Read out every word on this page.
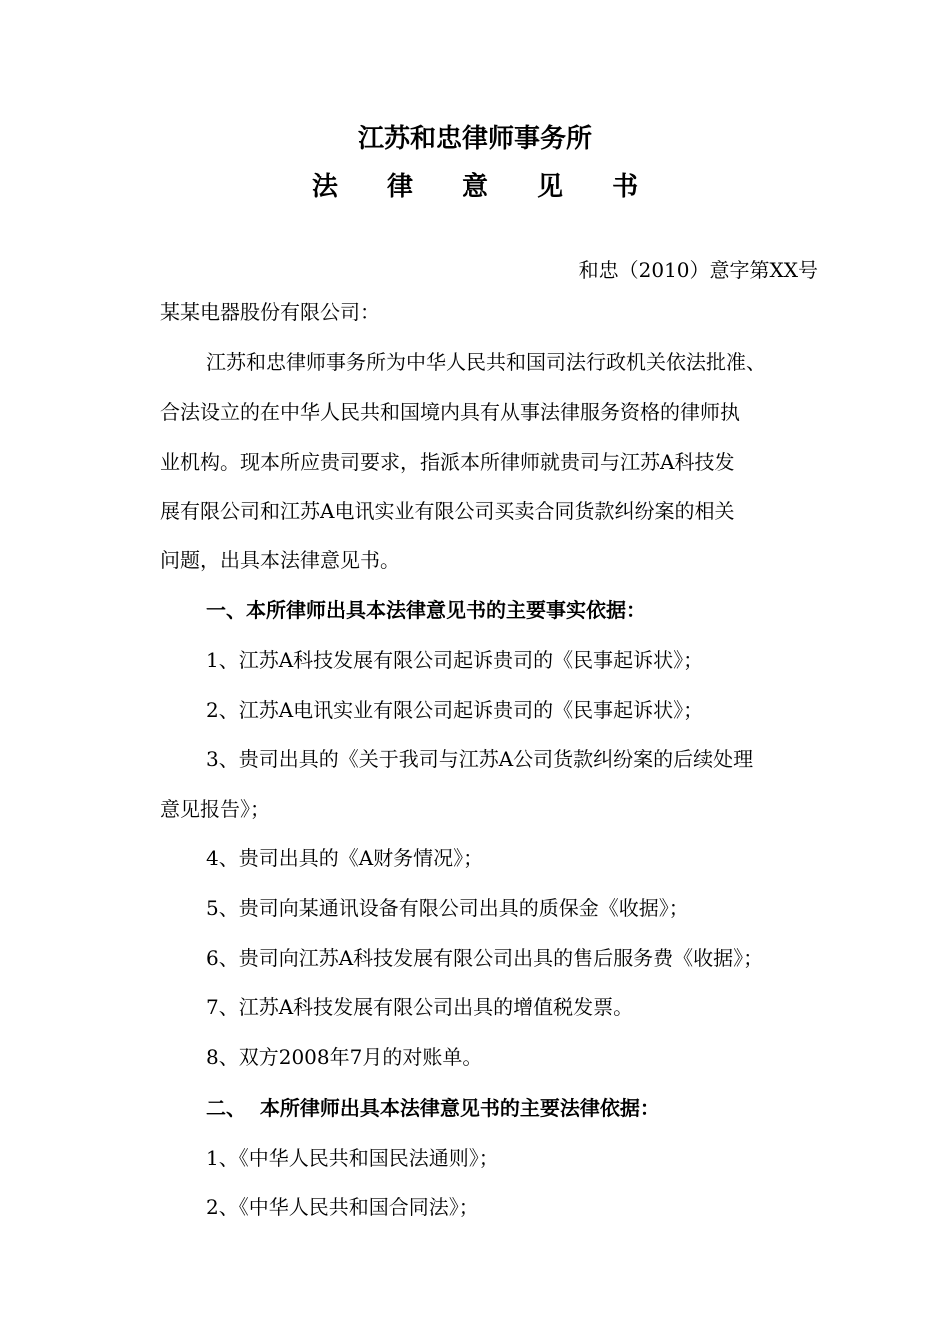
江苏和忠律师事务所
法 律 意 见 书
和忠（2010）意字第XX号
某某电器股份有限公司：
江苏和忠律师事务所为中华人民共和国司法行政机关依法批准、
合法设立的在中华人民共和国境内具有从事法律服务资格的律师执
业机构。现本所应贵司要求，指派本所律师就贵司与江苏A科技发
展有限公司和江苏A电讯实业有限公司买卖合同货款纠纷案的相关
问题，出具本法律意见书。
一、本所律师出具本法律意见书的主要事实依据：
1、江苏A科技发展有限公司起诉贵司的《民事起诉状》；
2、江苏A电讯实业有限公司起诉贵司的《民事起诉状》；
3、贵司出具的《关于我司与江苏A公司货款纠纷案的后续处理
意见报告》；
4、贵司出具的《A财务情况》；
5、贵司向某通讯设备有限公司出具的质保金《收据》；
6、贵司向江苏A科技发展有限公司出具的售后服务费《收据》；
7、江苏A科技发展有限公司出具的增值税发票。
8、双方2008年7月的对账单。
二、  本所律师出具本法律意见书的主要法律依据：
1、《中华人民共和国民法通则》；
2、《中华人民共和国合同法》；
